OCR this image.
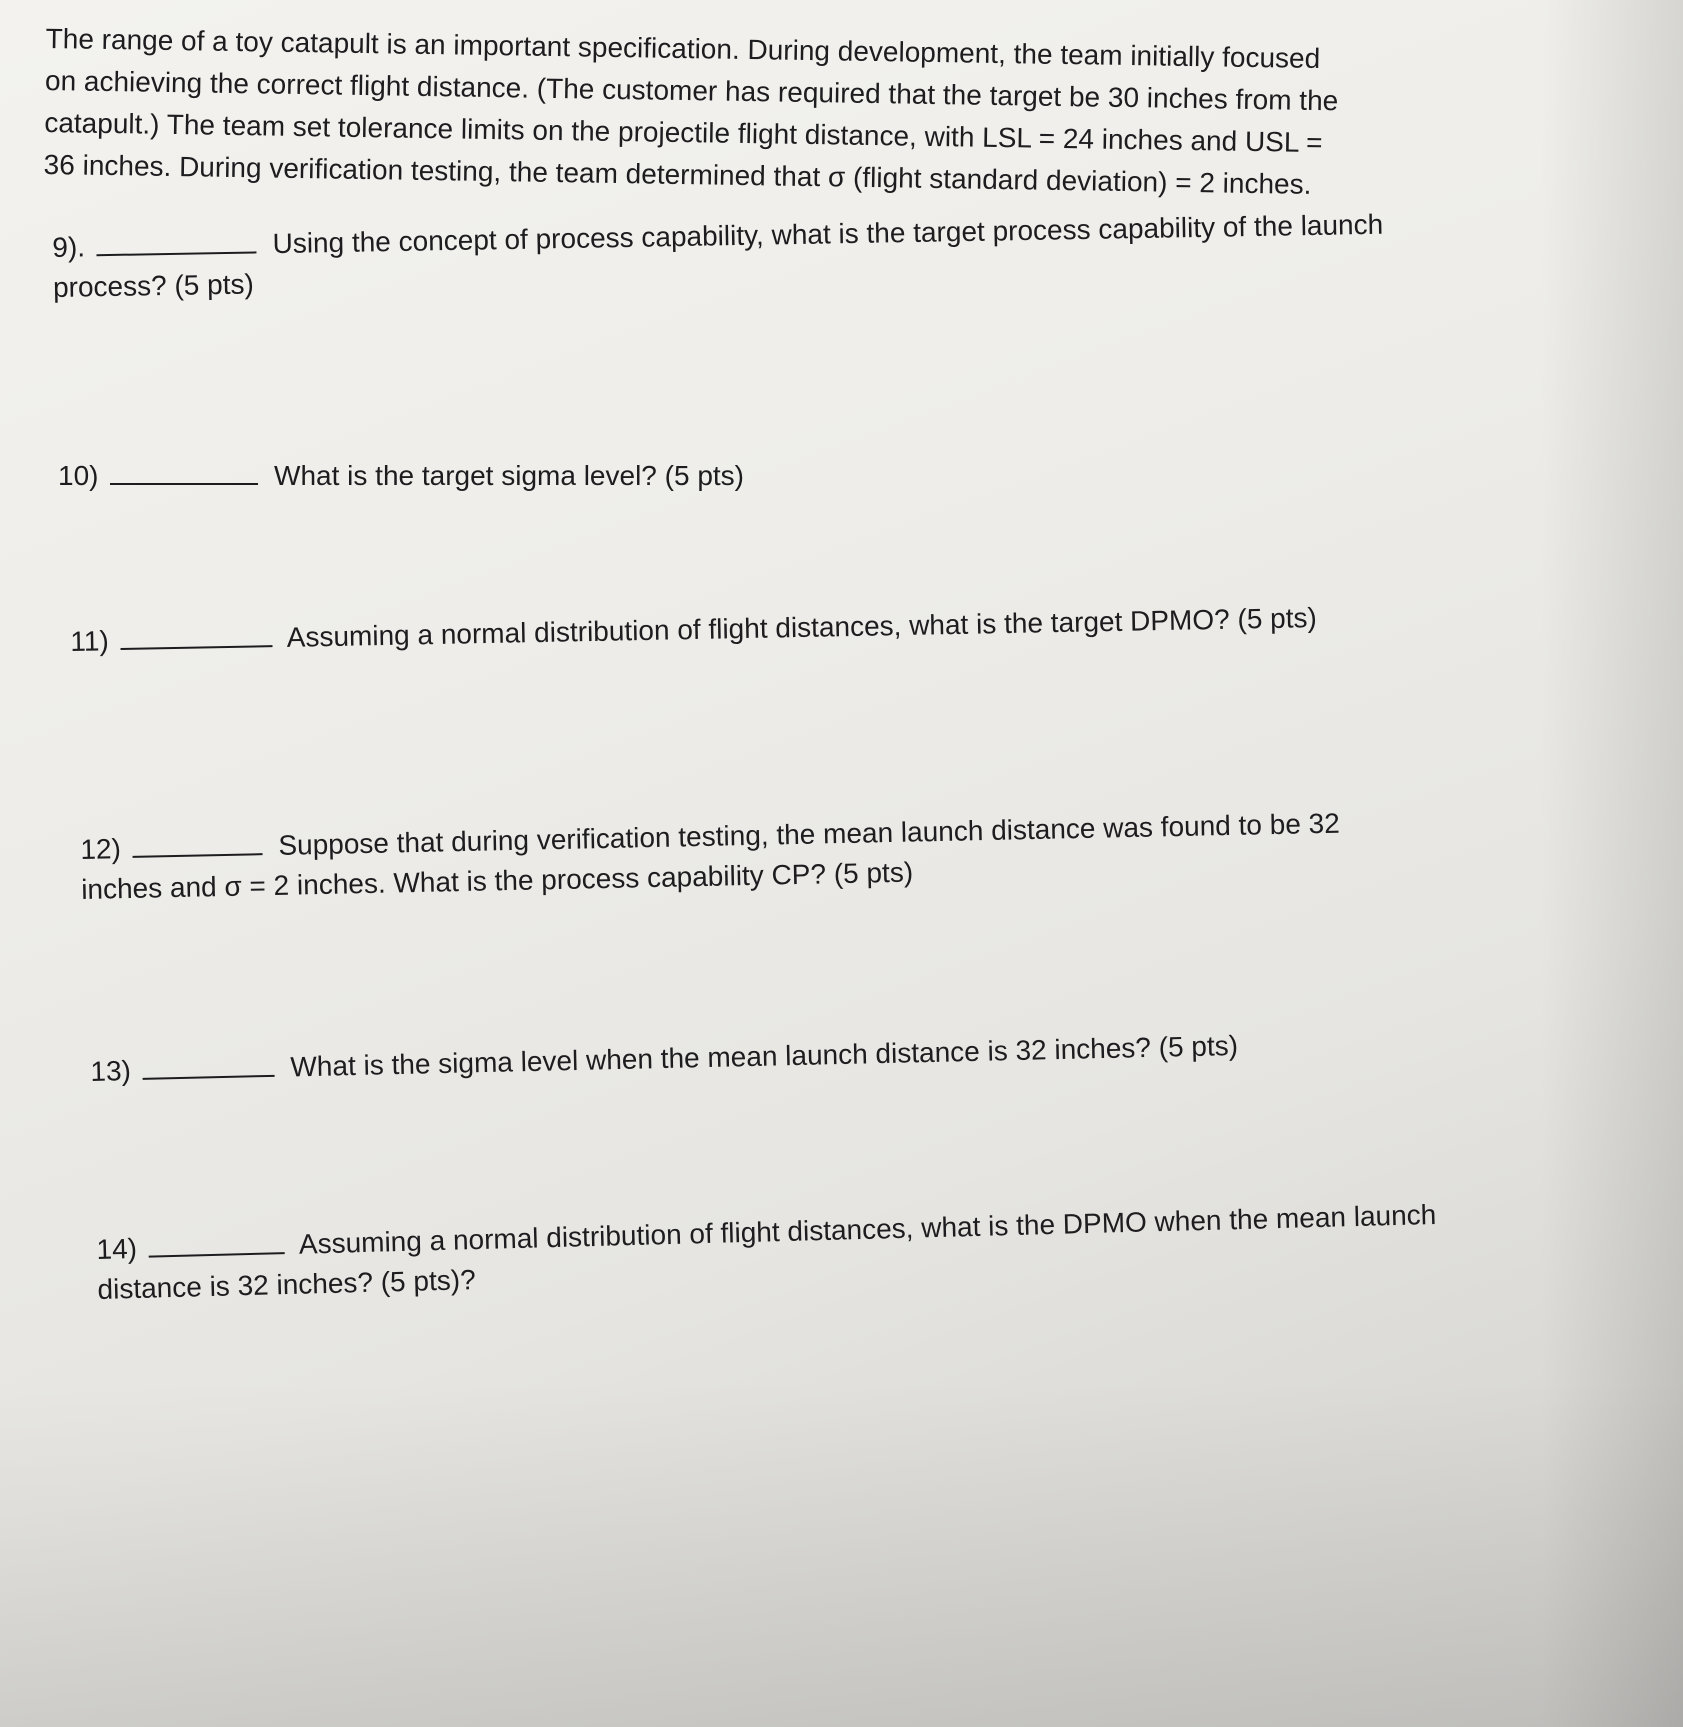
The range of a toy catapult is an important specification. During development, the team initially focused

on achieving the correct flight distance. (The customer has required that the target be 30 inches from the

catapult.) The team set tolerance limits on the projectile flight distance, with LSL = 24 inches and USL =

36 inches. During verification testing, the team determined that σ (flight standard deviation) = 2 inches.

9).	Using the concept of process capability, what is the target process capability of the launch
process? (5 pts)
10)	What is the target sigma level? (5 pts)
11)	Assuming a normal distribution of flight distances, what is the target DPMO? (5 pts)
12)	Suppose that during verification testing, the mean launch distance was found to be 32
inches and σ = 2 inches. What is the process capability CP? (5 pts)
13)	What is the sigma level when the mean launch distance is 32 inches? (5 pts)
14)	Assuming a normal distribution of flight distances, what is the DPMO when the mean launch
distance is 32 inches? (5 pts)?
